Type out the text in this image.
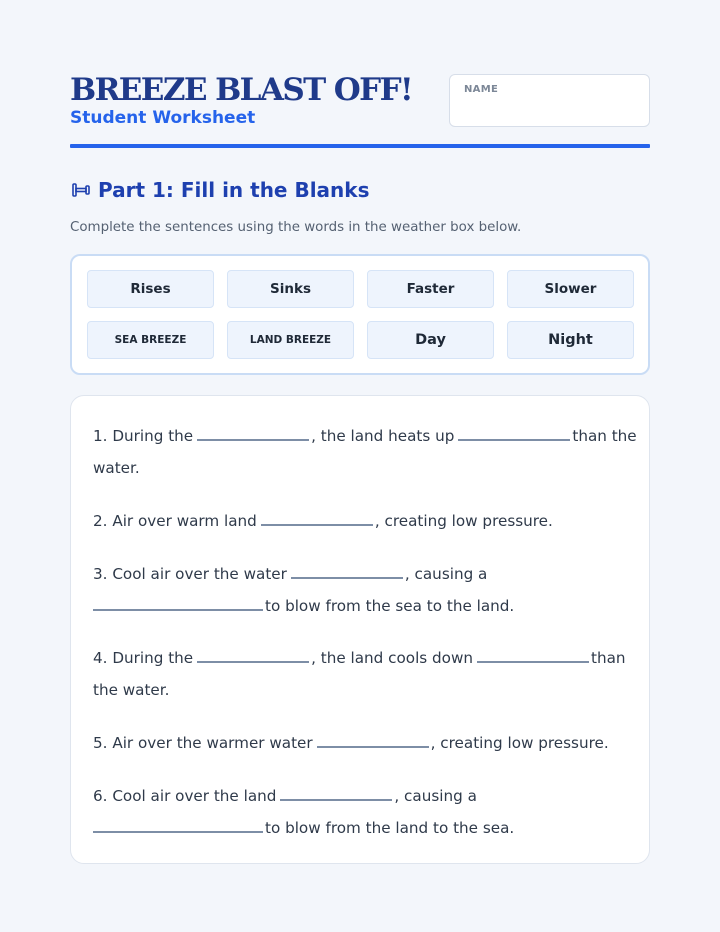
BREEZE BLAST OFF!
Student Worksheet
NAME
Part 1: Fill in the Blanks
Complete the sentences using the words in the weather box below.
Rises	Sinks	Faster	Slower
SEA BREEZE	LAND BREEZE	Day	Night
1. During the	, the land heats up	than the
water.
2. Air over warm land	, creating low pressure.
3. Cool air over the water	, causing a
to blow from the sea to the land.
4. During the	, the land cools down	than
the water.
5. Air over the warmer water	, creating low pressure.
6. Cool air over the land	, causing a
to blow from the land to the sea.
